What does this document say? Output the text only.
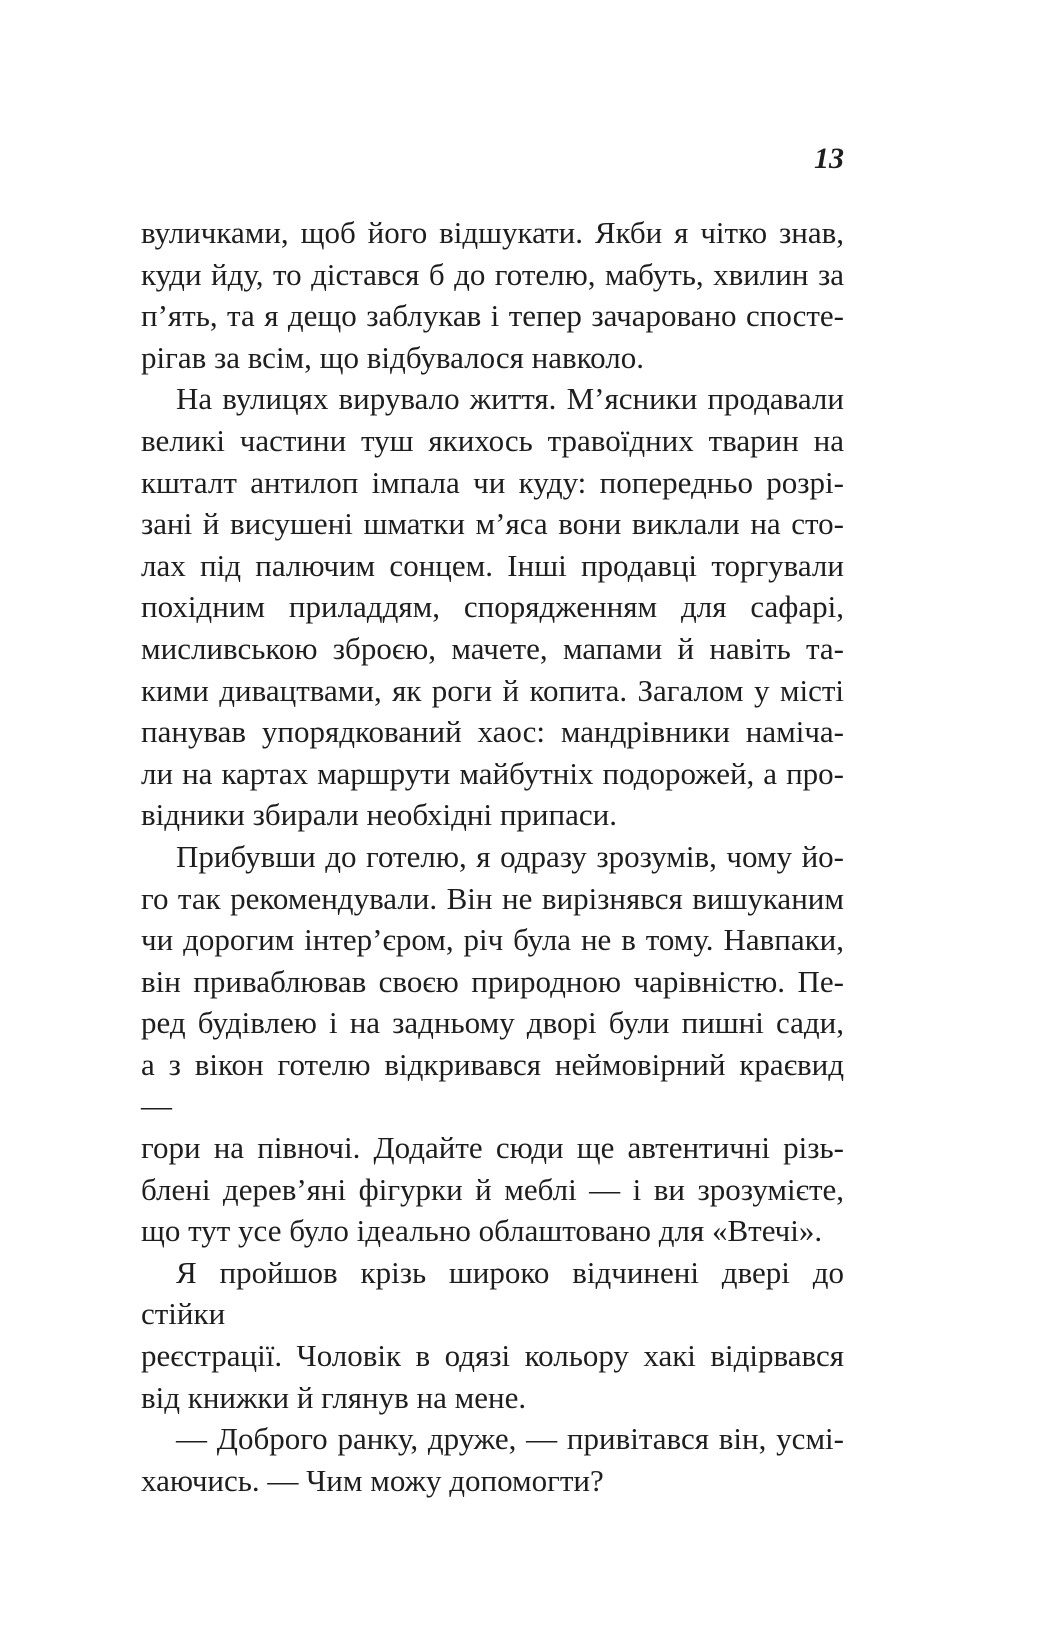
13
вуличками, щоб його відшукати. Якби я чітко знав,
куди йду, то дістався б до готелю, мабуть, хвилин за
п’ять, та я дещо заблукав і тепер зачаровано спосте-
рігав за всім, що відбувалося навколо.
На вулицях вирувало життя. М’ясники продавали
великі частини туш якихось травоїдних тварин на
кшталт антилоп імпала чи куду: попередньо розрі-
зані й висушені шматки м’яса вони виклали на сто-
лах під палючим сонцем. Інші продавці торгували
похідним приладдям, спорядженням для сафарі,
мисливською зброєю, мачете, мапами й навіть та-
кими дивацтвами, як роги й копита. Загалом у місті
панував упорядкований хаос: мандрівники наміча-
ли на картах маршрути майбутніх подорожей, а про-
відники збирали необхідні припаси.
Прибувши до готелю, я одразу зрозумів, чому йо-
го так рекомендували. Він не вирізнявся вишуканим
чи дорогим інтер’єром, річ була не в тому. Навпаки,
він приваблював своєю природною чарівністю. Пе-
ред будівлею і на задньому дворі були пишні сади,
а з вікон готелю відкривався неймовірний краєвид —
гори на півночі. Додайте сюди ще автентичні різь-
блені дерев’яні фігурки й меблі — і ви зрозумієте,
що тут усе було ідеально облаштовано для «Втечі».
Я пройшов крізь широко відчинені двері до стійки
реєстрації. Чоловік в одязі кольору хакі відірвався
від книжки й глянув на мене.
— Доброго ранку, друже, — привітався він, усмі-
хаючись. — Чим можу допомогти?
